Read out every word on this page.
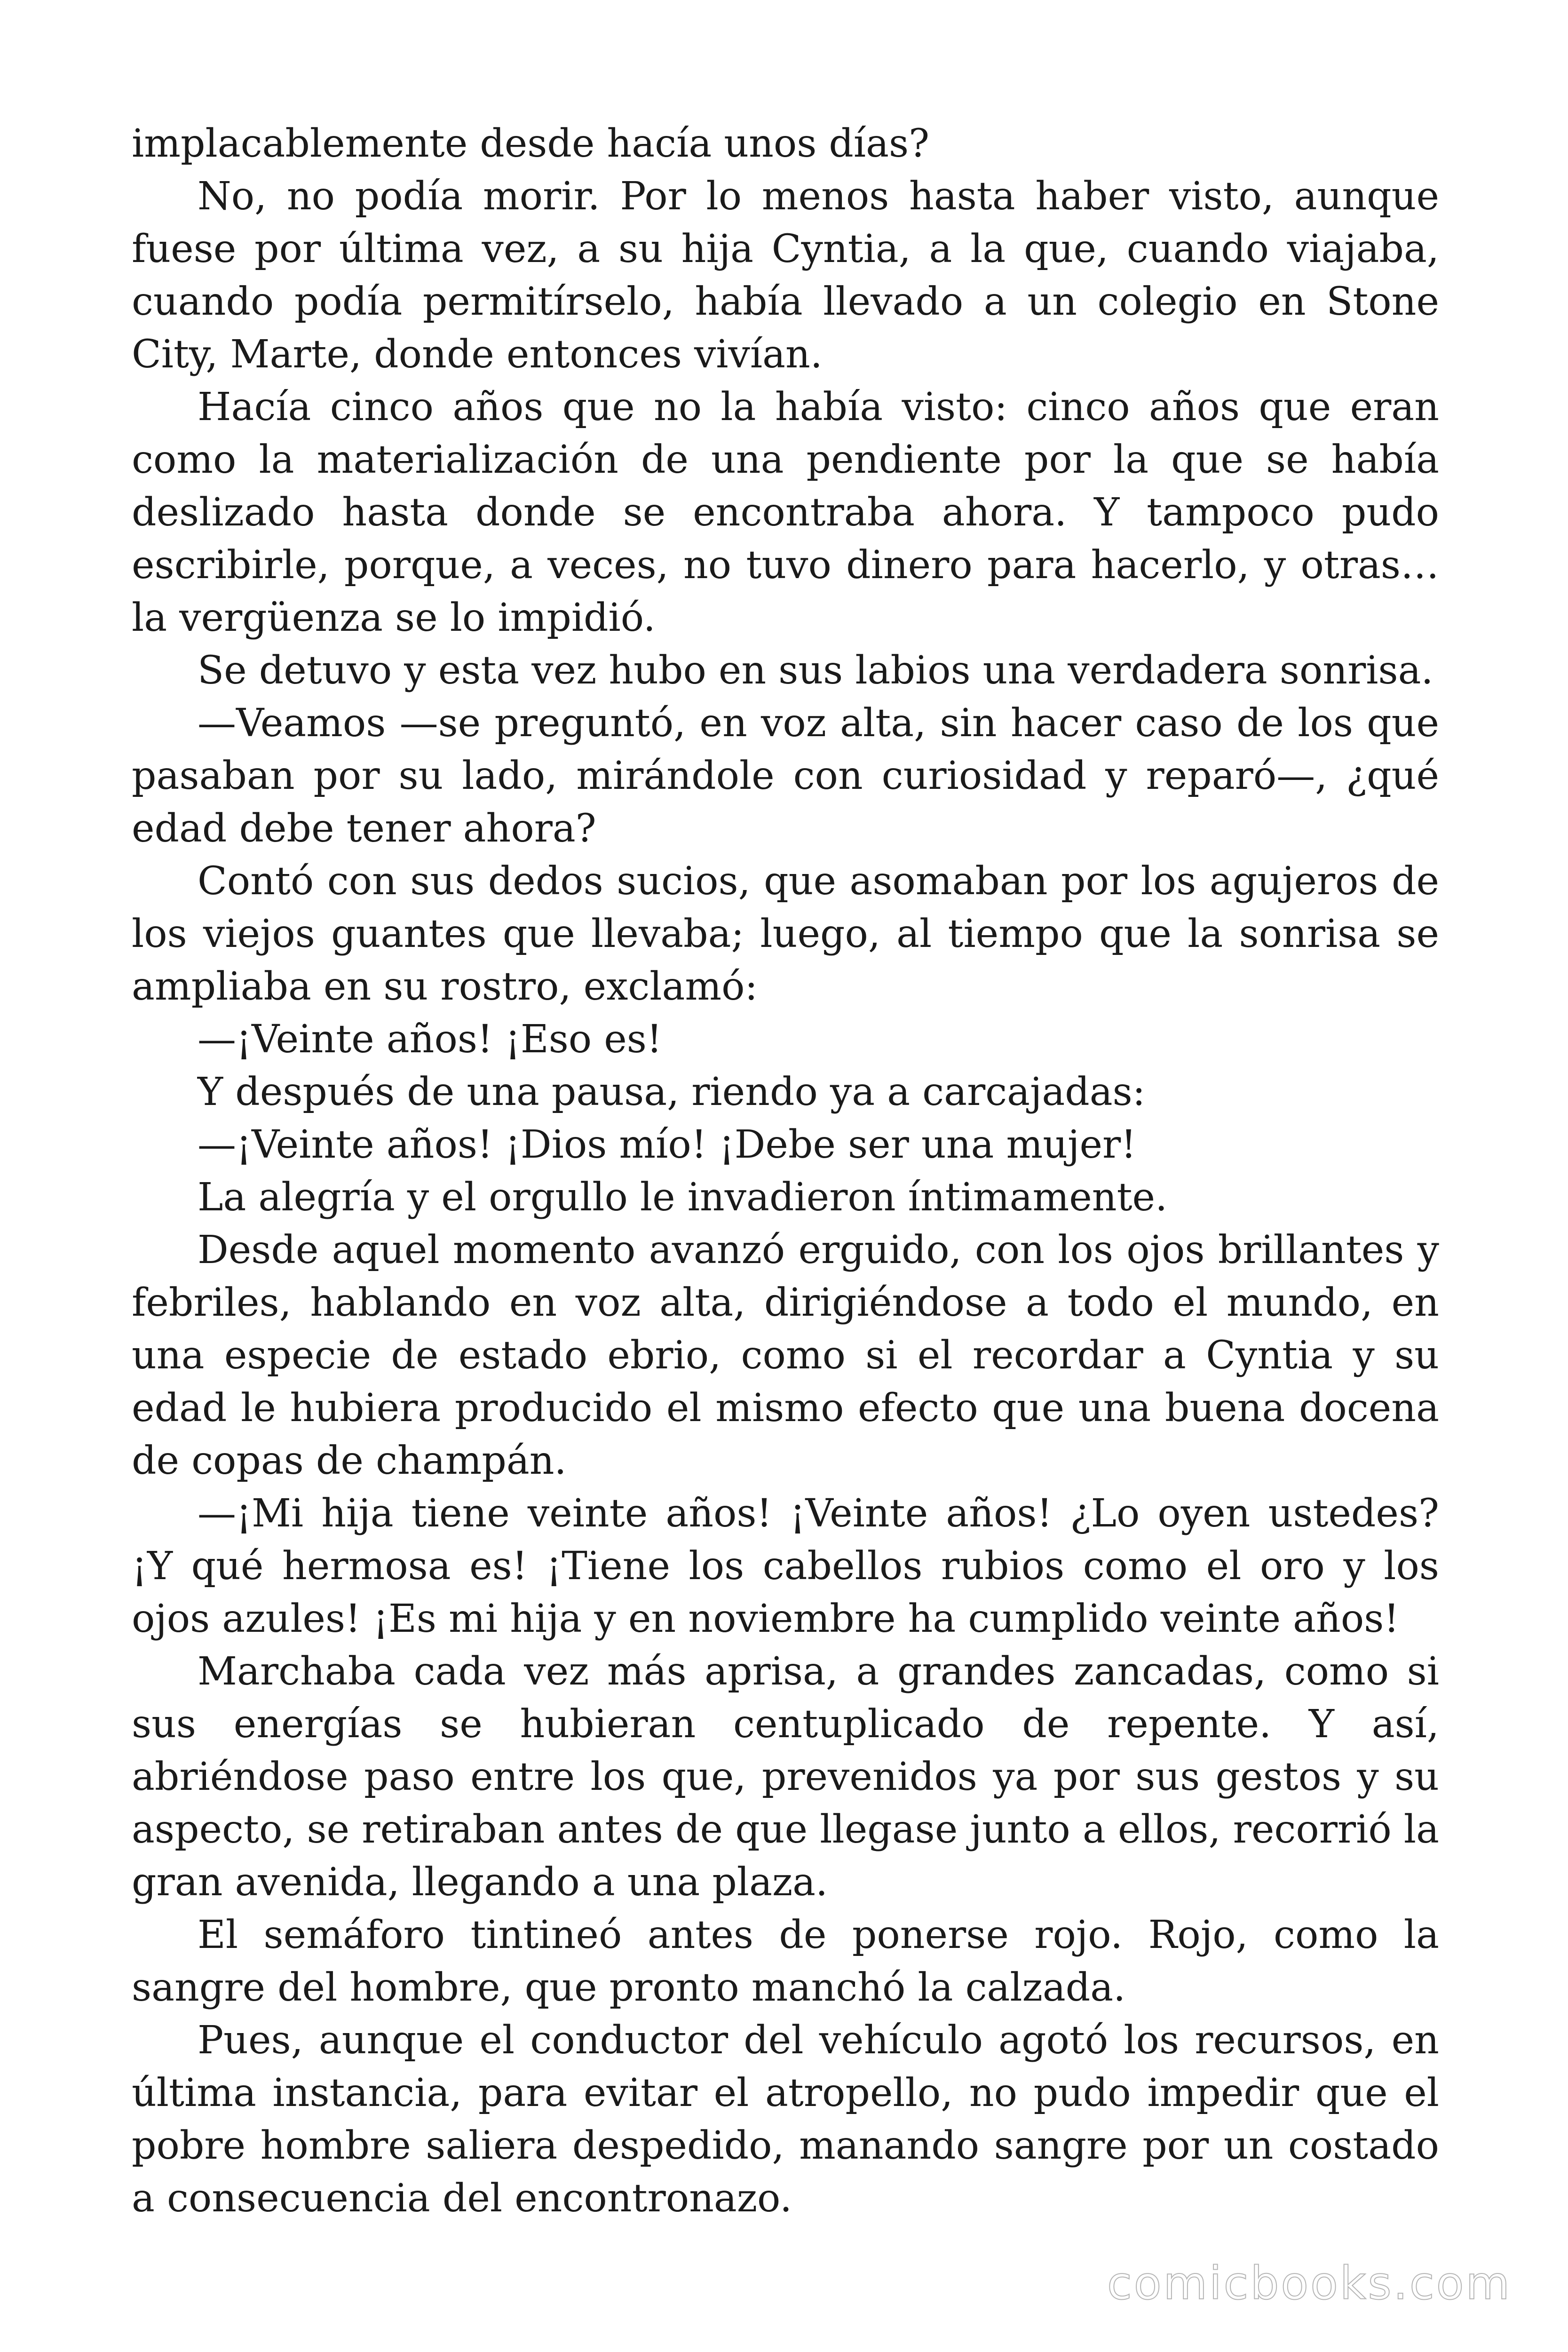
implacablemente desde hacía unos días?

No, no podía morir. Por lo menos hasta haber visto, aunque fuese por última vez, a su hija Cyntia, a la que, cuando viajaba, cuando podía permitírselo, había llevado a un colegio en Stone City, Marte, donde entonces vivían.

Hacía cinco años que no la había visto: cinco años que eran como la materialización de una pendiente por la que se había deslizado hasta donde se encontraba ahora. Y tampoco pudo escribirle, porque, a veces, no tuvo dinero para hacerlo, y otras… la vergüenza se lo impidió.

Se detuvo y esta vez hubo en sus labios una verdadera sonrisa.

—Veamos —se preguntó, en voz alta, sin hacer caso de los que pasaban por su lado, mirándole con curiosidad y reparó—, ¿qué edad debe tener ahora?

Contó con sus dedos sucios, que asomaban por los agujeros de los viejos guantes que llevaba; luego, al tiempo que la sonrisa se ampliaba en su rostro, exclamó:

—¡Veinte años! ¡Eso es!

Y después de una pausa, riendo ya a carcajadas:

—¡Veinte años! ¡Dios mío! ¡Debe ser una mujer!

La alegría y el orgullo le invadieron íntimamente.

Desde aquel momento avanzó erguido, con los ojos brillantes y febriles, hablando en voz alta, dirigiéndose a todo el mundo, en una especie de estado ebrio, como si el recordar a Cyntia y su edad le hubiera producido el mismo efecto que una buena docena de copas de champán.

—¡Mi hija tiene veinte años! ¡Veinte años! ¿Lo oyen ustedes? ¡Y qué hermosa es! ¡Tiene los cabellos rubios como el oro y los ojos azules! ¡Es mi hija y en noviembre ha cumplido veinte años!

Marchaba cada vez más aprisa, a grandes zancadas, como si sus energías se hubieran centuplicado de repente. Y así, abriéndose paso entre los que, prevenidos ya por sus gestos y su aspecto, se retiraban antes de que llegase junto a ellos, recorrió la gran avenida, llegando a una plaza.

El semáforo tintineó antes de ponerse rojo. Rojo, como la sangre del hombre, que pronto manchó la calzada.

Pues, aunque el conductor del vehículo agotó los recursos, en última instancia, para evitar el atropello, no pudo impedir que el pobre hombre saliera despedido, manando sangre por un costado a consecuencia del encontronazo.

comicbooks.com
